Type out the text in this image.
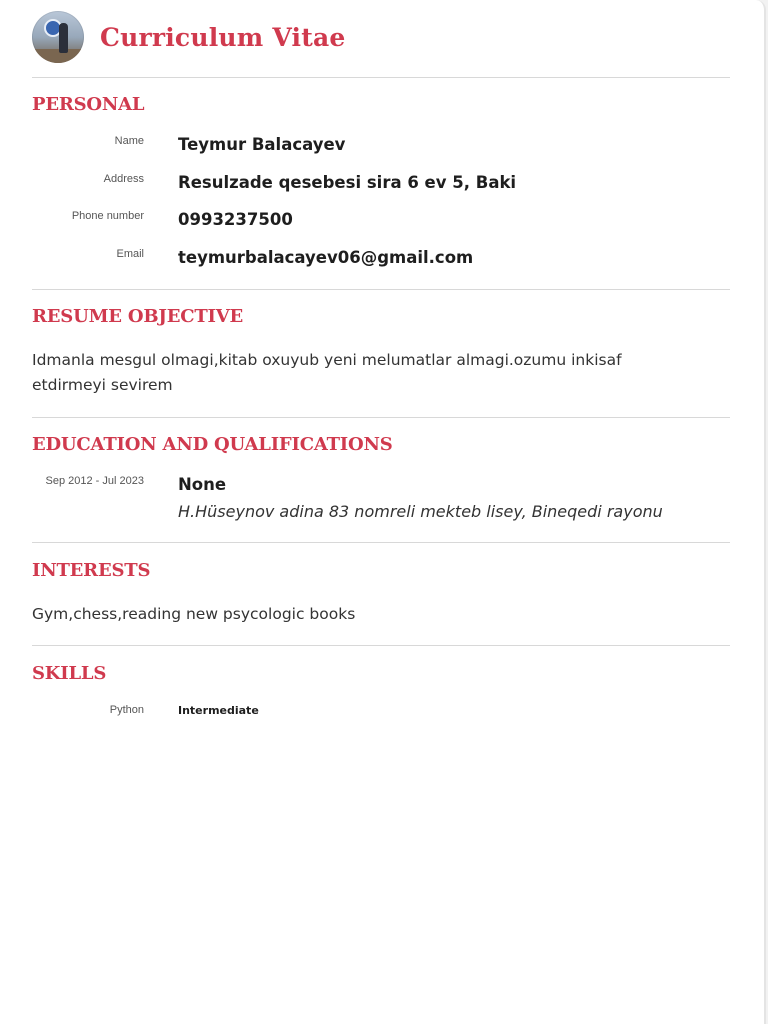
Curriculum Vitae
PERSONAL
Name Teymur Balacayev
Address Resulzade qesebesi sira 6 ev 5, Baki
Phone number 0993237500
Email teymurbalacayev06@gmail.com
RESUME OBJECTIVE
Idmanla mesgul olmagi,kitab oxuyub yeni melumatlar almagi.ozumu inkisaf etdirmeyi sevirem
EDUCATION AND QUALIFICATIONS
Sep 2012 - Jul 2023 None
H.Hüseynov adina 83 nomreli mekteb lisey, Bineqedi rayonu
INTERESTS
Gym,chess,reading new psycologic books
SKILLS
Python	Intermediate
